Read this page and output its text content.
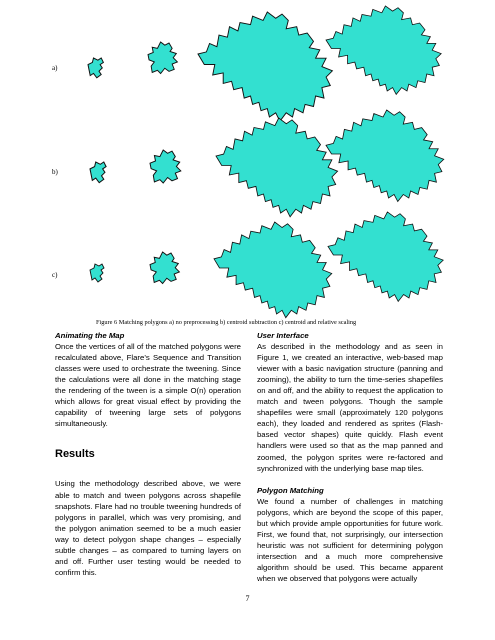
a)
b)
c)
Figure 6 Matching polygons a) no preprocessing b) centroid subtraction c) centroid and relative scaling
Animating the Map

Once the vertices of all of the matched polygons were recalculated above, Flare’s Sequence and Transition classes were used to orchestrate the tweening. Since the calculations were all done in the matching stage the rendering of the tween is a simple O(n) operation which allows for great visual effect by providing the capability of tweening large sets of polygons simultaneously.

Results

Using the methodology described above, we were able to match and tween polygons across shapefile snapshots. Flare had no trouble tweening hundreds of polygons in parallel, which was very promising, and the polygon animation seemed to be a much easier way to detect polygon shape changes – especially subtle changes – as compared to turning layers on and off. Further user testing would be needed to confirm this.

User Interface

As described in the methodology and as seen in Figure 1, we created an interactive, web-based map viewer with a basic navigation structure (panning and zooming), the ability to turn the time-series shapefiles on and off, and the ability to request the application to match and tween polygons. Though the sample shapefiles were small (approximately 120 polygons each), they loaded and rendered as sprites (Flash-based vector shapes) quite quickly. Flash event handlers were used so that as the map panned and zoomed, the polygon sprites were re-factored and synchronized with the underlying base map tiles.

Polygon Matching

We found a number of challenges in matching polygons, which are beyond the scope of this paper, but which provide ample opportunities for future work. First, we found that, not surprisingly, our intersection heuristic was not sufficient for determining polygon intersection and a much more comprehensive algorithm should be used. This became apparent when we observed that polygons were actually

7
